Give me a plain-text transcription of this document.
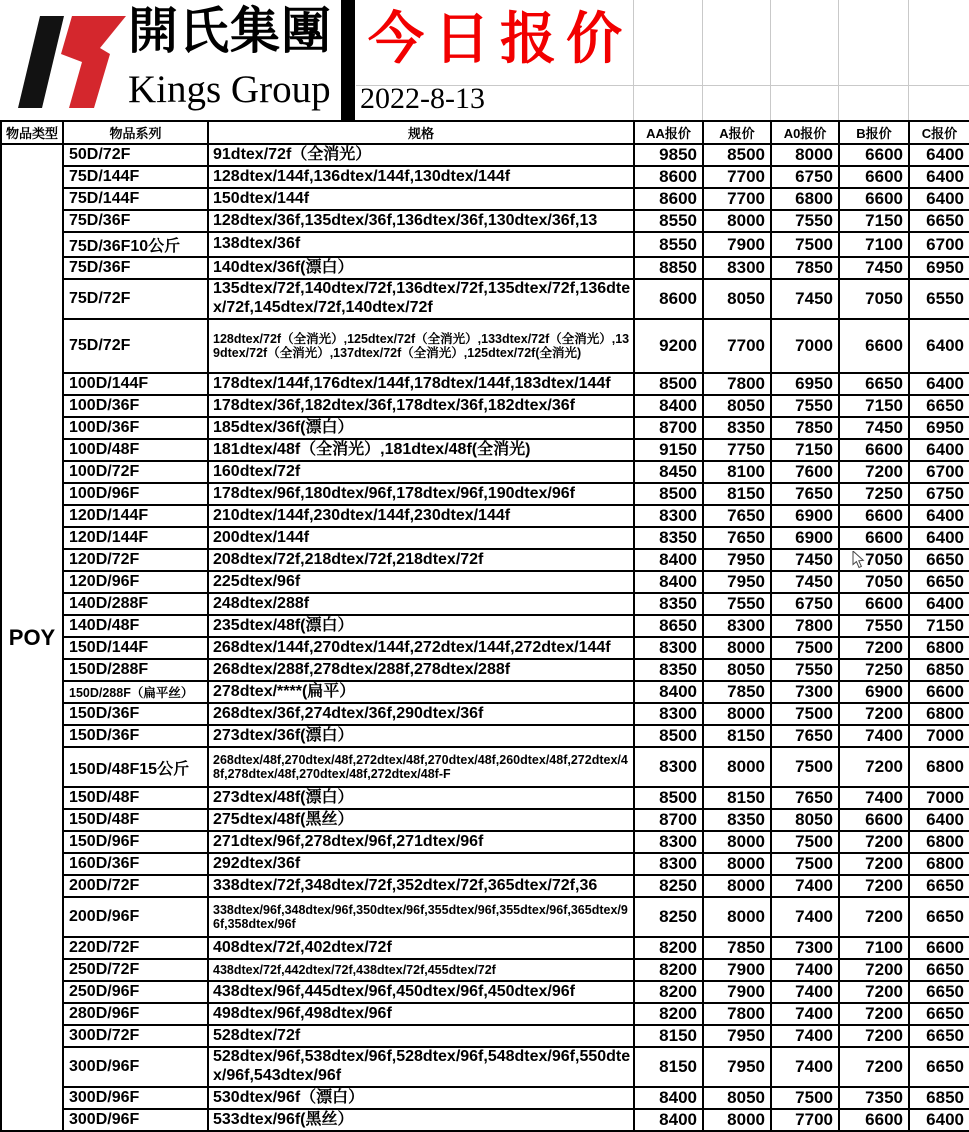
開氏集團
Kings Group
今日报价
2022-8-13
物品类型	物品系列	规格	AA报价	A报价	A0报价	B报价	C报价
POY	50D/72F	91dtex/72f（全消光）	9850	8500	8000	6600	6400
	75D/144F	128dtex/144f,136dtex/144f,130dtex/144f	8600	7700	6750	6600	6400
	75D/144F	150dtex/144f	8600	7700	6800	6600	6400
	75D/36F	128dtex/36f,135dtex/36f,136dtex/36f,130dtex/36f,13	8550	8000	7550	7150	6650
	75D/36F10公斤	138dtex/36f	8550	7900	7500	7100	6700
	75D/36F	140dtex/36f(漂白）	8850	8300	7850	7450	6950
	75D/72F	135dtex/72f,140dtex/72f,136dtex/72f,135dtex/72f,136dtex/72f,145dtex/72f,140dtex/72f	8600	8050	7450	7050	6550
	75D/72F	128dtex/72f（全消光）,125dtex/72f（全消光）,133dtex/72f（全消光）,139dtex/72f（全消光）,137dtex/72f（全消光）,125dtex/72f(全消光)	9200	7700	7000	6600	6400
	100D/144F	178dtex/144f,176dtex/144f,178dtex/144f,183dtex/144f	8500	7800	6950	6650	6400
	100D/36F	178dtex/36f,182dtex/36f,178dtex/36f,182dtex/36f	8400	8050	7550	7150	6650
	100D/36F	185dtex/36f(漂白）	8700	8350	7850	7450	6950
	100D/48F	181dtex/48f（全消光）,181dtex/48f(全消光)	9150	7750	7150	6600	6400
	100D/72F	160dtex/72f	8450	8100	7600	7200	6700
	100D/96F	178dtex/96f,180dtex/96f,178dtex/96f,190dtex/96f	8500	8150	7650	7250	6750
	120D/144F	210dtex/144f,230dtex/144f,230dtex/144f	8300	7650	6900	6600	6400
	120D/144F	200dtex/144f	8350	7650	6900	6600	6400
	120D/72F	208dtex/72f,218dtex/72f,218dtex/72f	8400	7950	7450	7050	6650
	120D/96F	225dtex/96f	8400	7950	7450	7050	6650
	140D/288F	248dtex/288f	8350	7550	6750	6600	6400
	140D/48F	235dtex/48f(漂白）	8650	8300	7800	7550	7150
	150D/144F	268dtex/144f,270dtex/144f,272dtex/144f,272dtex/144f	8300	8000	7500	7200	6800
	150D/288F	268dtex/288f,278dtex/288f,278dtex/288f	8350	8050	7550	7250	6850
	150D/288F（扁平丝）	278dtex/****(扁平）	8400	7850	7300	6900	6600
	150D/36F	268dtex/36f,274dtex/36f,290dtex/36f	8300	8000	7500	7200	6800
	150D/36F	273dtex/36f(漂白）	8500	8150	7650	7400	7000
	150D/48F15公斤	268dtex/48f,270dtex/48f,272dtex/48f,270dtex/48f,260dtex/48f,272dtex/48f,278dtex/48f,270dtex/48f,272dtex/48f-F	8300	8000	7500	7200	6800
	150D/48F	273dtex/48f(漂白）	8500	8150	7650	7400	7000
	150D/48F	275dtex/48f(黑丝）	8700	8350	8050	6600	6400
	150D/96F	271dtex/96f,278dtex/96f,271dtex/96f	8300	8000	7500	7200	6800
	160D/36F	292dtex/36f	8300	8000	7500	7200	6800
	200D/72F	338dtex/72f,348dtex/72f,352dtex/72f,365dtex/72f,36	8250	8000	7400	7200	6650
	200D/96F	338dtex/96f,348dtex/96f,350dtex/96f,355dtex/96f,355dtex/96f,365dtex/96f,358dtex/96f	8250	8000	7400	7200	6650
	220D/72F	408dtex/72f,402dtex/72f	8200	7850	7300	7100	6600
	250D/72F	438dtex/72f,442dtex/72f,438dtex/72f,455dtex/72f	8200	7900	7400	7200	6650
	250D/96F	438dtex/96f,445dtex/96f,450dtex/96f,450dtex/96f	8200	7900	7400	7200	6650
	280D/96F	498dtex/96f,498dtex/96f	8200	7800	7400	7200	6650
	300D/72F	528dtex/72f	8150	7950	7400	7200	6650
	300D/96F	528dtex/96f,538dtex/96f,528dtex/96f,548dtex/96f,550dtex/96f,543dtex/96f	8150	7950	7400	7200	6650
	300D/96F	530dtex/96f（漂白）	8400	8050	7500	7350	6850
	300D/96F	533dtex/96f(黑丝）	8400	8000	7700	6600	6400
